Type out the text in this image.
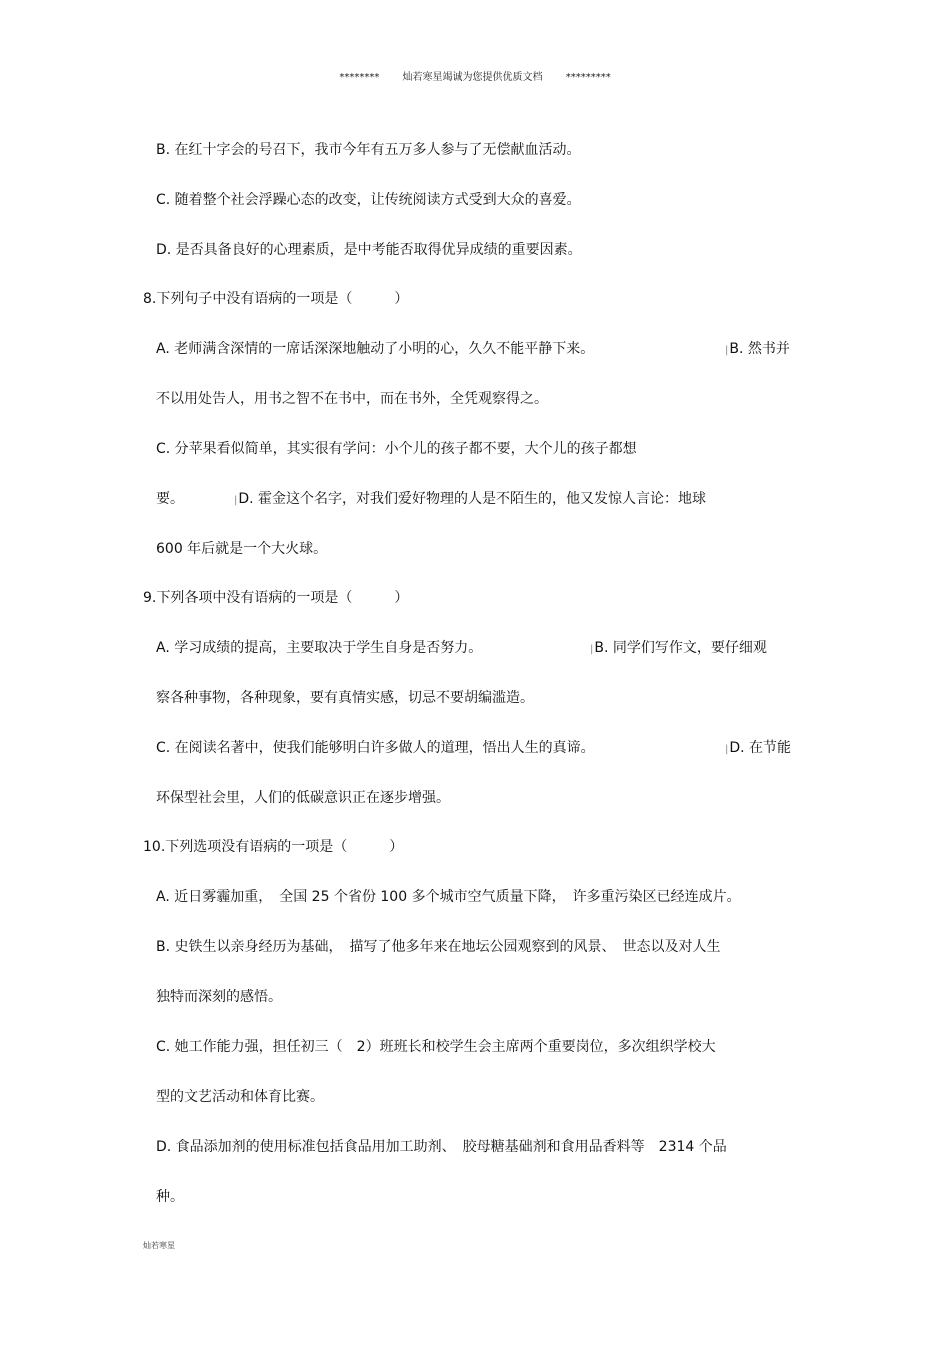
******** 灿若寒星竭诚为您提供优质文档 *********
B. 在红十字会的号召下，我市今年有五万多人参与了无偿献血活动。
C. 随着整个社会浮躁心态的改变，让传统阅读方式受到大众的喜爱。
D. 是否具备良好的心理素质，是中考能否取得优异成绩的重要因素。
8.下列句子中没有语病的一项是（　　　）
A. 老师满含深情的一席话深深地触动了小明的心，久久不能平静下来。	|B. 然书并
不以用处告人，用书之智不在书中，而在书外，全凭观察得之。
C. 分苹果看似简单，其实很有学问：小个儿的孩子都不要，大个儿的孩子都想
要。	|D. 霍金这个名字，对我们爱好物理的人是不陌生的，他又发惊人言论：地球
600 年后就是一个大火球。
9.下列各项中没有语病的一项是（　　　）
A. 学习成绩的提高，主要取决于学生自身是否努力。	|B. 同学们写作文，要仔细观
察各种事物，各种现象，要有真情实感，切忌不要胡编滥造。
C. 在阅读名著中，使我们能够明白许多做人的道理，悟出人生的真谛。	|D. 在节能
环保型社会里，人们的低碳意识正在逐步增强。
10.下列选项没有语病的一项是（　　　）
A. 近日雾霾加重，　全国 25 个省份 100 多个城市空气质量下降，　许多重污染区已经连成片。
B. 史铁生以亲身经历为基础，　描写了他多年来在地坛公园观察到的风景、　世态以及对人生
独特而深刻的感悟。
C. 她工作能力强，担任初三（　2）班班长和校学生会主席两个重要岗位，多次组织学校大
型的文艺活动和体育比赛。
D. 食品添加剂的使用标准包括食品用加工助剂、　胶母糖基础剂和食用品香料等　2314 个品
种。
灿若寒星
